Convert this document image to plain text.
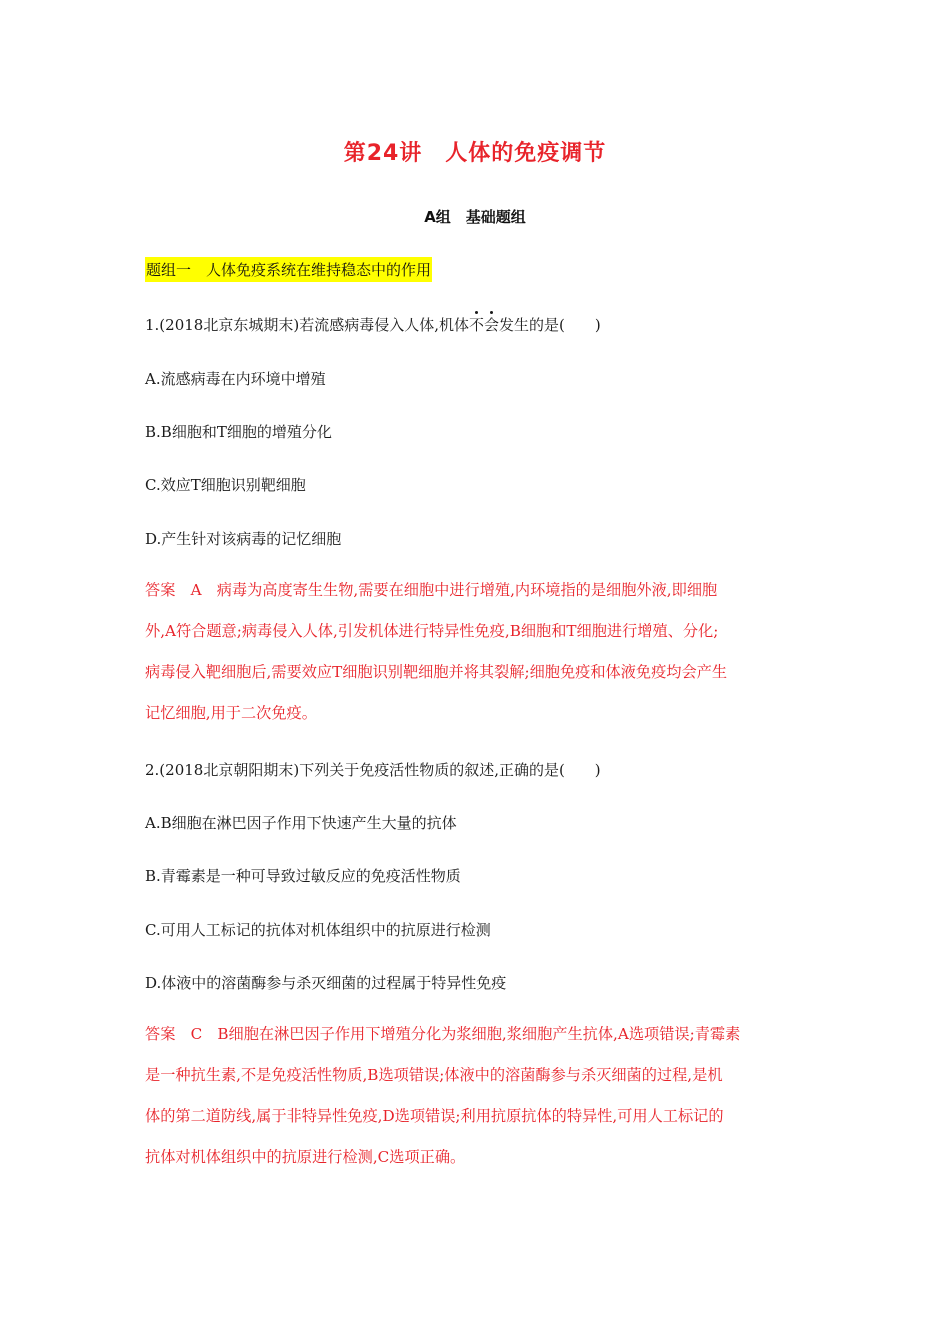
第24讲　人体的免疫调节
A组　基础题组
题组一　人体免疫系统在维持稳态中的作用
1.(2018北京东城期末)若流感病毒侵入人体,机体不会发生的是(　　)
A.流感病毒在内环境中增殖
B.B细胞和T细胞的增殖分化
C.效应T细胞识别靶细胞
D.产生针对该病毒的记忆细胞

答案　A　病毒为高度寄生生物,需要在细胞中进行增殖,内环境指的是细胞外液,即细胞

外,A符合题意;病毒侵入人体,引发机体进行特异性免疫,B细胞和T细胞进行增殖、分化;

病毒侵入靶细胞后,需要效应T细胞识别靶细胞并将其裂解;细胞免疫和体液免疫均会产生

记忆细胞,用于二次免疫。

2.(2018北京朝阳期末)下列关于免疫活性物质的叙述,正确的是(　　)
A.B细胞在淋巴因子作用下快速产生大量的抗体
B.青霉素是一种可导致过敏反应的免疫活性物质
C.可用人工标记的抗体对机体组织中的抗原进行检测
D.体液中的溶菌酶参与杀灭细菌的过程属于特异性免疫

答案　C　B细胞在淋巴因子作用下增殖分化为浆细胞,浆细胞产生抗体,A选项错误;青霉素

是一种抗生素,不是免疫活性物质,B选项错误;体液中的溶菌酶参与杀灭细菌的过程,是机

体的第二道防线,属于非特异性免疫,D选项错误;利用抗原抗体的特异性,可用人工标记的

抗体对机体组织中的抗原进行检测,C选项正确。
